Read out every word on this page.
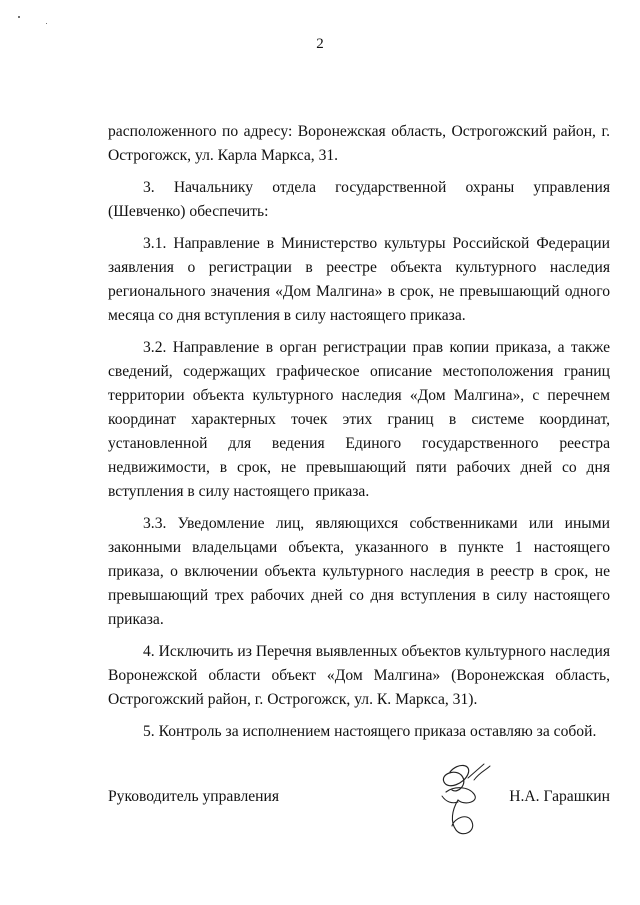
2

расположенного по адресу: Воронежская область, Острогожский район, г. Острогожск, ул. Карла Маркса, 31.

3. Начальнику отдела государственной охраны управления (Шевченко) обеспечить:

3.1. Направление в Министерство культуры Российской Федерации заявления о регистрации в реестре объекта культурного наследия регионального значения «Дом Малгина» в срок, не превышающий одного месяца со дня вступления в силу настоящего приказа.

3.2. Направление в орган регистрации прав копии приказа, а также сведений, содержащих графическое описание местоположения границ территории объекта культурного наследия «Дом Малгина», с перечнем координат характерных точек этих границ в системе координат, установленной для ведения Единого государственного реестра недвижимости, в срок, не превышающий пяти рабочих дней со дня вступления в силу настоящего приказа.

3.3. Уведомление лиц, являющихся собственниками или иными законными владельцами объекта, указанного в пункте 1 настоящего приказа, о включении объекта культурного наследия в реестр в срок, не превышающий трех рабочих дней со дня вступления в силу настоящего приказа.

4. Исключить из Перечня выявленных объектов культурного наследия Воронежской области объект «Дом Малгина» (Воронежская область, Острогожский район, г. Острогожск, ул. К. Маркса, 31).

5. Контроль за исполнением настоящего приказа оставляю за собой.

Руководитель управления	Н.А. Гарашкин
